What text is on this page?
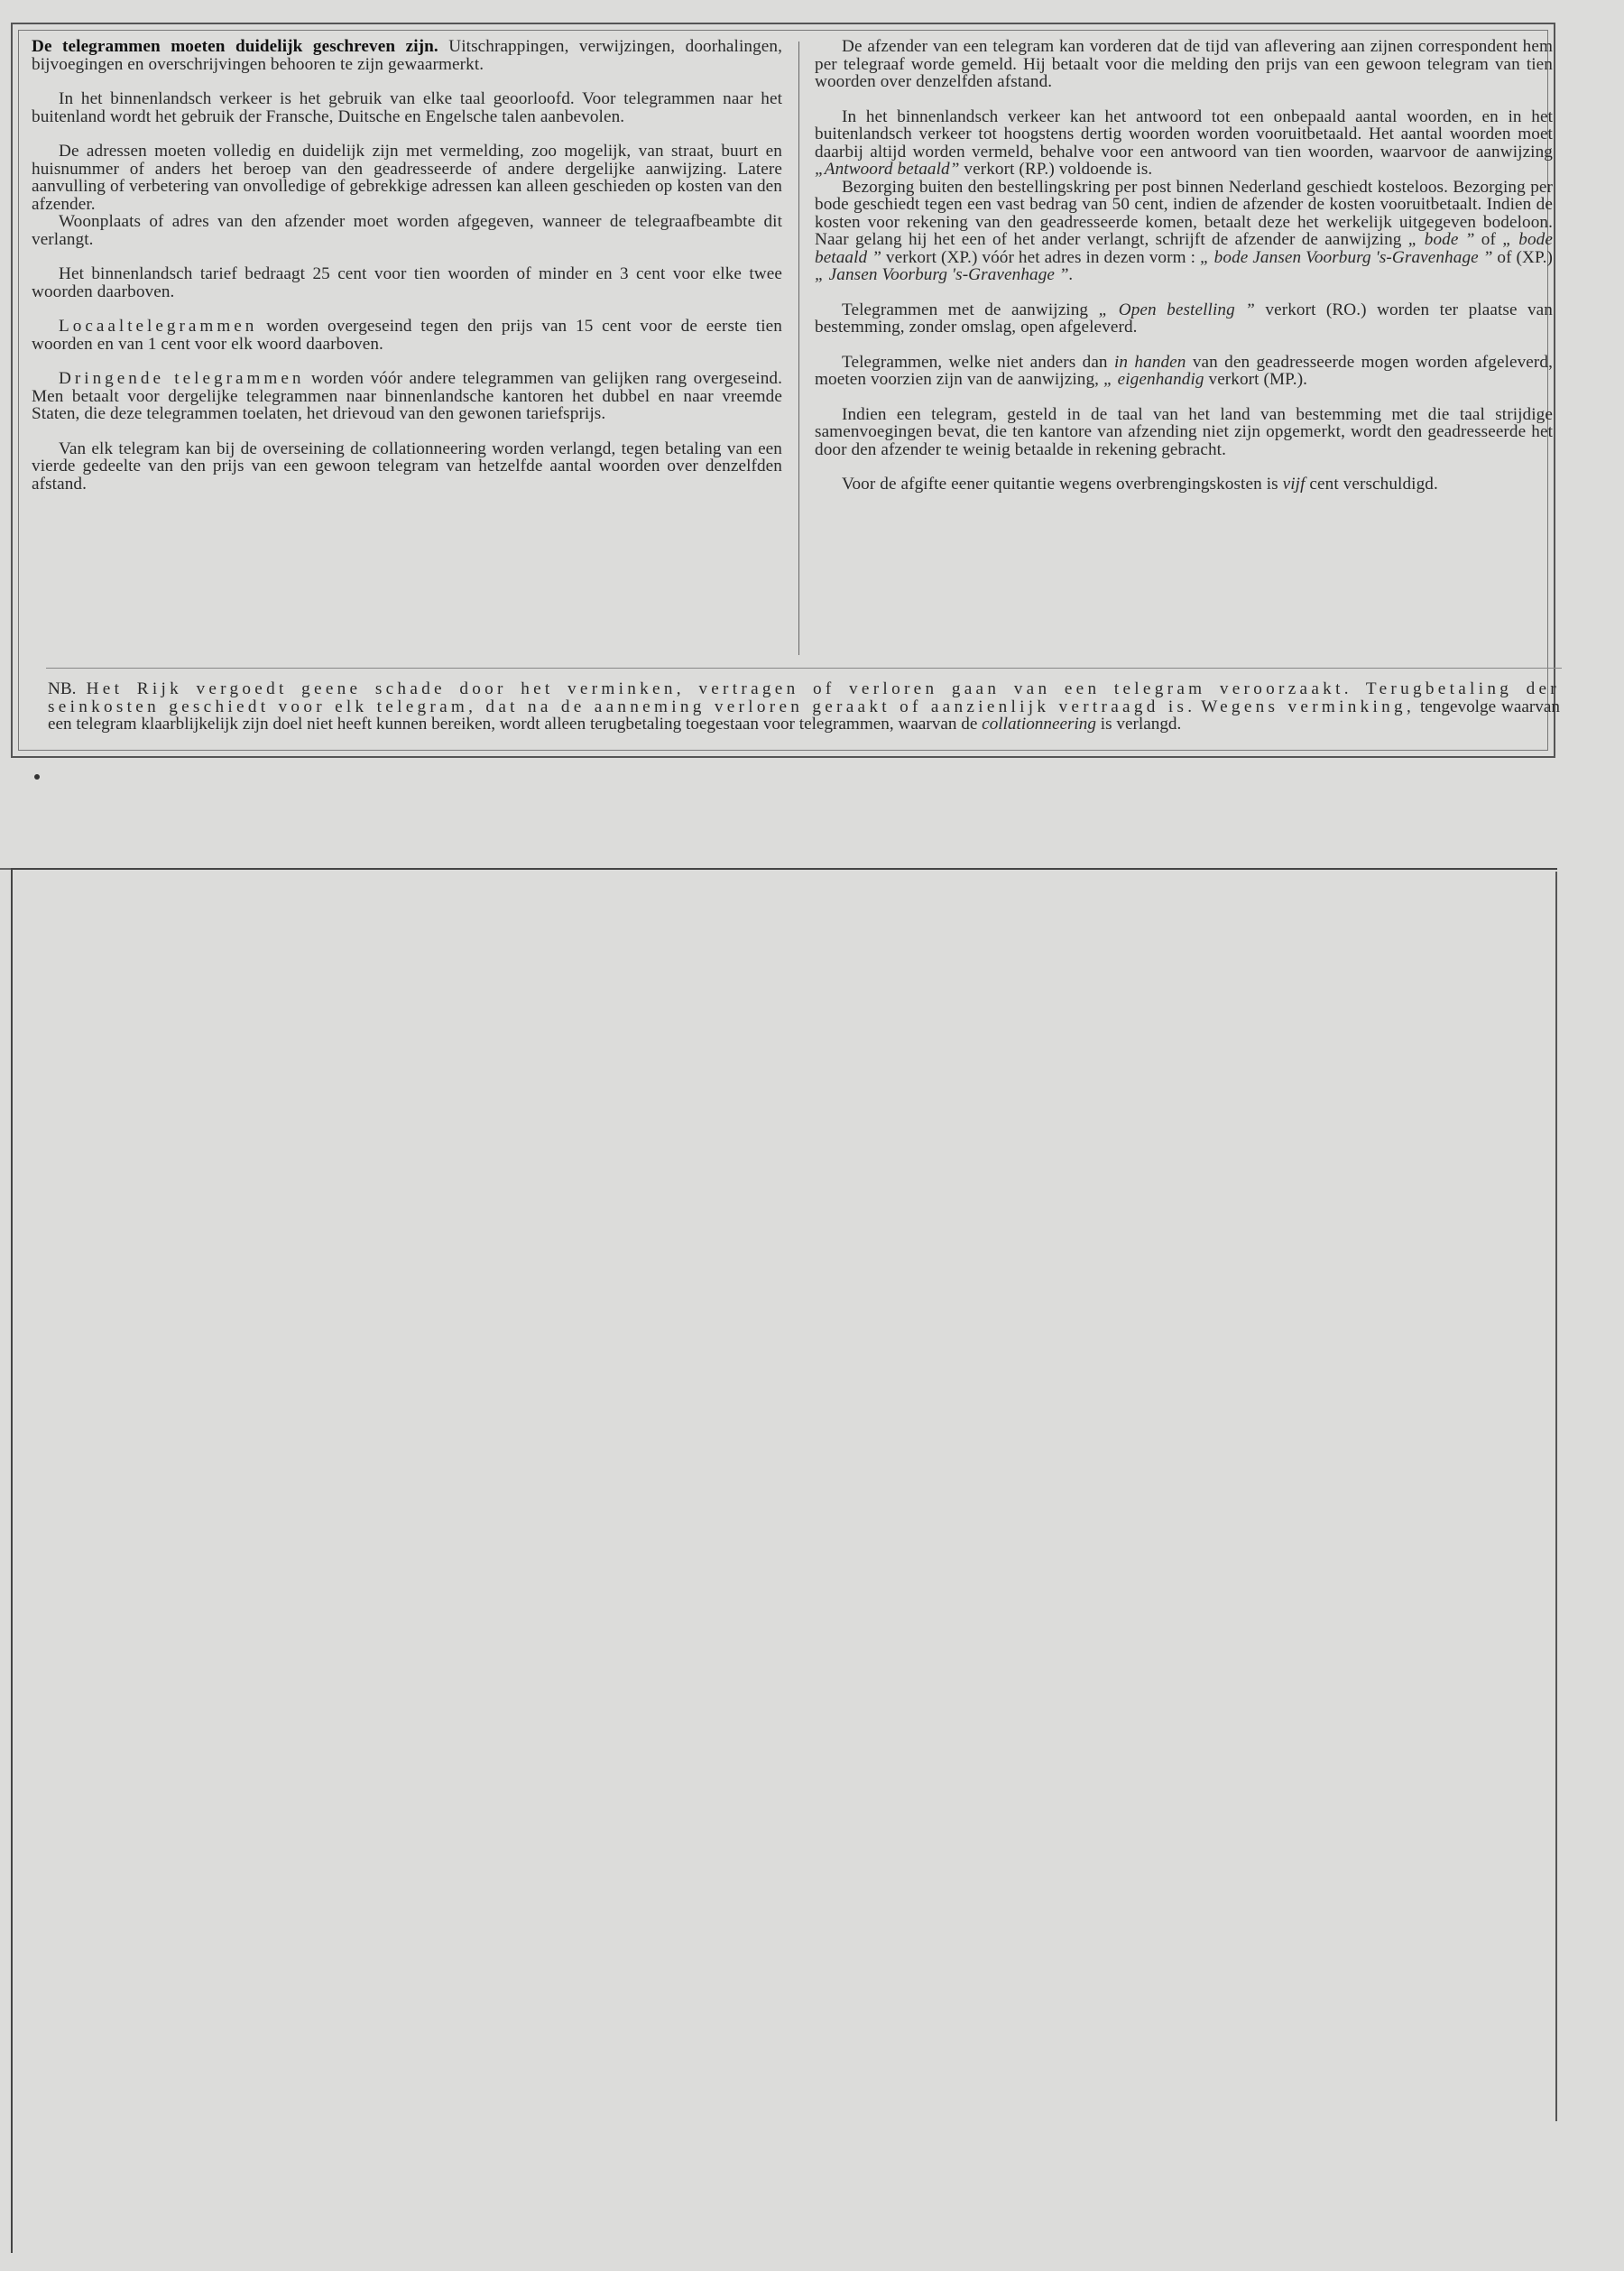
De telegrammen moeten duidelijk geschreven zijn. Uitschrappingen, verwijzingen, doorhalingen, bijvoegingen en overschrijvingen behooren te zijn gewaarmerkt.

In het binnenlandsch verkeer is het gebruik van elke taal geoorloofd. Voor telegrammen naar het buitenland wordt het gebruik der Fransche, Duitsche en Engelsche talen aanbevolen.

De adressen moeten volledig en duidelijk zijn met vermelding, zoo mogelijk, van straat, buurt en huisnummer of anders het beroep van den geadresseerde of andere dergelijke aanwijzing. Latere aanvulling of verbetering van onvolledige of gebrekkige adressen kan alleen geschieden op kosten van den afzender.

Woonplaats of adres van den afzender moet worden afgegeven, wanneer de telegraafbeambte dit verlangt.

Het binnenlandsch tarief bedraagt 25 cent voor tien woorden of minder en 3 cent voor elke twee woorden daarboven.

Locaaltelegrammen worden overgeseind tegen den prijs van 15 cent voor de eerste tien woorden en van 1 cent voor elk woord daarboven.

Dringende telegrammen worden vóór andere telegrammen van gelijken rang overgeseind. Men betaalt voor dergelijke telegrammen naar binnenlandsche kantoren het dubbel en naar vreemde Staten, die deze telegrammen toelaten, het drievoud van den gewonen tariefsprijs.

Van elk telegram kan bij de overseining de collationneering worden verlangd, tegen betaling van een vierde gedeelte van den prijs van een gewoon telegram van hetzelfde aantal woorden over denzelfden afstand.

De afzender van een telegram kan vorderen dat de tijd van aflevering aan zijnen correspondent hem per telegraaf worde gemeld. Hij betaalt voor die melding den prijs van een gewoon telegram van tien woorden over denzelfden afstand.

In het binnenlandsch verkeer kan het antwoord tot een onbepaald aantal woorden, en in het buitenlandsch verkeer tot hoogstens dertig woorden worden vooruitbetaald. Het aantal woorden moet daarbij altijd worden vermeld, behalve voor een antwoord van tien woorden, waarvoor de aanwijzing „Antwoord betaald” verkort (RP.) voldoende is.

Bezorging buiten den bestellingskring per post binnen Nederland geschiedt kosteloos. Bezorging per bode geschiedt tegen een vast bedrag van 50 cent, indien de afzender de kosten vooruitbetaalt. Indien de kosten voor rekening van den geadresseerde komen, betaalt deze het werkelijk uitgegeven bodeloon. Naar gelang hij het een of het ander verlangt, schrijft de afzender de aanwijzing „ bode ” of „ bode betaald ” verkort (XP.) vóór het adres in dezen vorm : „ bode Jansen Voorburg 's-Gravenhage ” of (XP.) „ Jansen Voorburg 's-Gravenhage ”.

Telegrammen met de aanwijzing „ Open bestelling ” verkort (RO.) worden ter plaatse van bestemming, zonder omslag, open afgeleverd.

Telegrammen, welke niet anders dan in handen van den geadresseerde mogen worden afgeleverd, moeten voorzien zijn van de aanwijzing, „ eigenhandig verkort (MP.).

Indien een telegram, gesteld in de taal van het land van bestemming met die taal strijdige samenvoegingen bevat, die ten kantore van afzending niet zijn opgemerkt, wordt den geadresseerde het door den afzender te weinig betaalde in rekening gebracht.

Voor de afgifte eener quitantie wegens overbrengingskosten is vijf cent verschuldigd.

NB. Het Rijk vergoedt geene schade door het verminken, vertragen of verloren gaan van een telegram veroorzaakt. Terugbetaling der seinkosten geschiedt voor elk telegram, dat na de aanneming verloren geraakt of aanzienlijk vertraagd is. Wegens verminking, tengevolge waarvan een telegram klaarblijkelijk zijn doel niet heeft kunnen bereiken, wordt alleen terugbetaling toegestaan voor telegrammen, waarvan de collationneering is verlangd.
